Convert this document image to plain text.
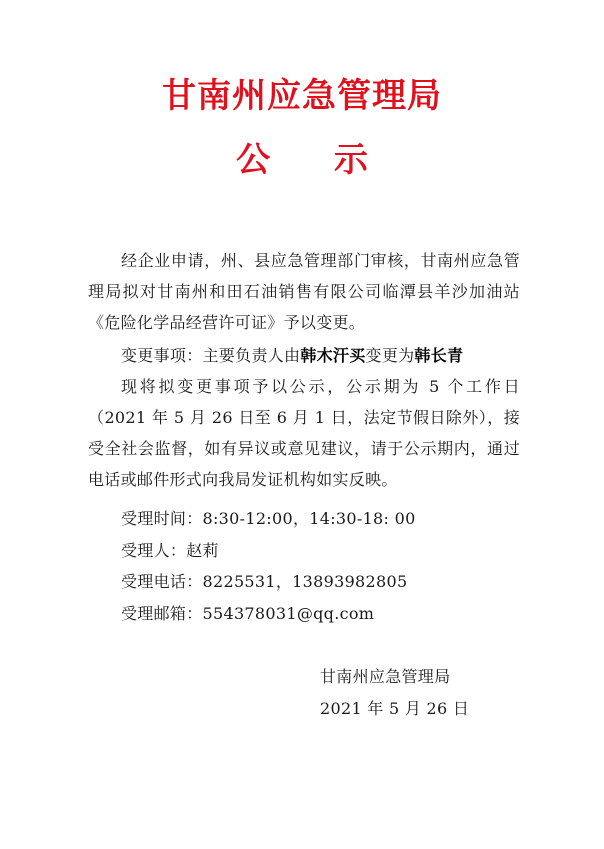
甘南州应急管理局
公 示

经企业申请，州、县应急管理部门审核，甘南州应急管理局拟对甘南州和田石油销售有限公司临潭县羊沙加油站《危险化学品经营许可证》予以变更。

变更事项：主要负责人由韩木汗买变更为韩长青

现将拟变更事项予以公示，公示期为 5 个工作日（2021 年 5 月 26 日至 6 月 1 日，法定节假日除外），接受全社会监督，如有异议或意见建议，请于公示期内，通过电话或邮件形式向我局发证机构如实反映。

受理时间：8:30-12:00，14:30-18: 00
受理人：赵莉
受理电话：8225531，13893982805
受理邮箱：554378031@qq.com
甘南州应急管理局
2021 年 5 月 26 日
